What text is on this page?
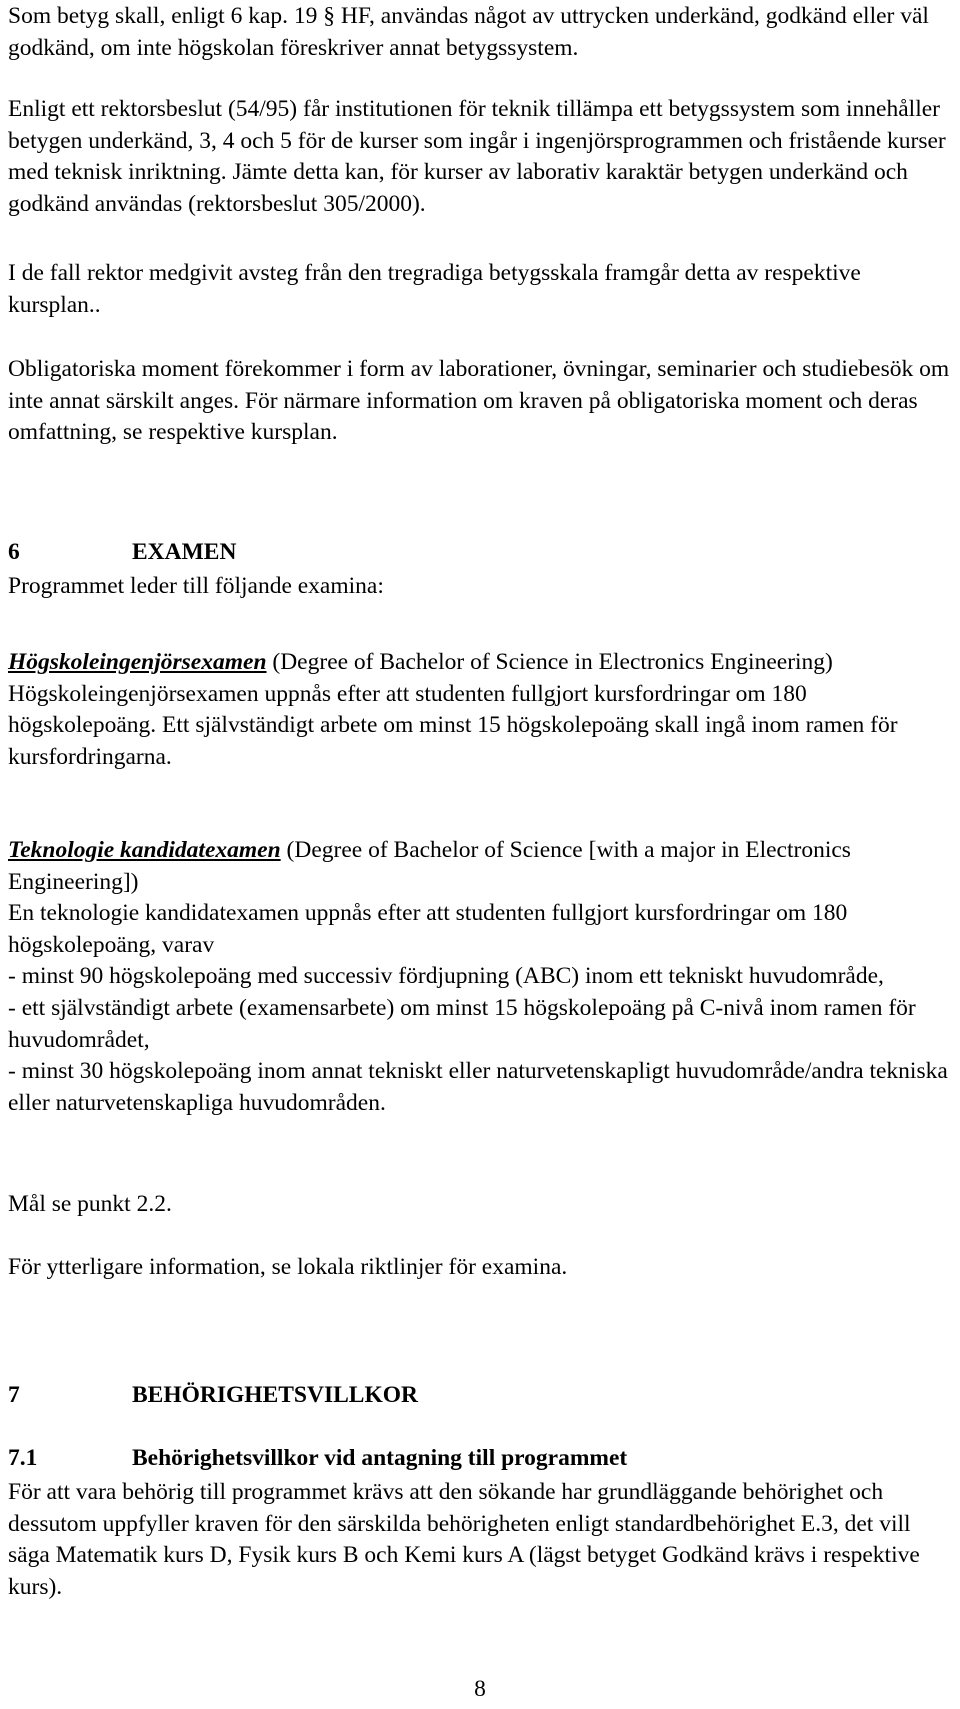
Som betyg skall, enligt 6 kap. 19 § HF, användas något av uttrycken underkänd, godkänd eller väl godkänd, om inte högskolan föreskriver annat betygssystem.

Enligt ett rektorsbeslut (54/95) får institutionen för teknik tillämpa ett betygssystem som innehåller betygen underkänd, 3, 4 och 5 för de kurser som ingår i ingenjörsprogrammen och fristående kurser med teknisk inriktning. Jämte detta kan, för kurser av laborativ karaktär betygen underkänd och godkänd användas (rektorsbeslut 305/2000).

I de fall rektor medgivit avsteg från den tregradiga betygsskala framgår detta av respektive kursplan..

Obligatoriska moment förekommer i form av laborationer, övningar, seminarier och studiebesök om inte annat särskilt anges. För närmare information om kraven på obligatoriska moment och deras omfattning, se respektive kursplan.

6	EXAMEN

Programmet leder till följande examina:

Högskoleingenjörsexamen (Degree of Bachelor of Science in Electronics Engineering)

Högskoleingenjörsexamen uppnås efter att studenten fullgjort kursfordringar om 180 högskolepoäng. Ett självständigt arbete om minst 15 högskolepoäng skall ingå inom ramen för kursfordringarna.

Teknologie kandidatexamen (Degree of Bachelor of Science [with a major in Electronics Engineering])

En teknologie kandidatexamen uppnås efter att studenten fullgjort kursfordringar om 180 högskolepoäng, varav

- minst 90 högskolepoäng med successiv fördjupning (ABC) inom ett tekniskt huvudområde,

- ett självständigt arbete (examensarbete) om minst 15 högskolepoäng på C-nivå inom ramen för huvudområdet,

- minst 30 högskolepoäng inom annat tekniskt eller naturvetenskapligt huvudområde/andra tekniska eller naturvetenskapliga huvudområden.

Mål se punkt 2.2.

För ytterligare information, se lokala riktlinjer för examina.

7	BEHÖRIGHETSVILLKOR
7.1	Behörighetsvillkor vid antagning till programmet

För att vara behörig till programmet krävs att den sökande har grundläggande behörighet och dessutom uppfyller kraven för den särskilda behörigheten enligt standardbehörighet E.3, det vill säga Matematik kurs D, Fysik kurs B och Kemi kurs A (lägst betyget Godkänd krävs i respektive kurs).

8
